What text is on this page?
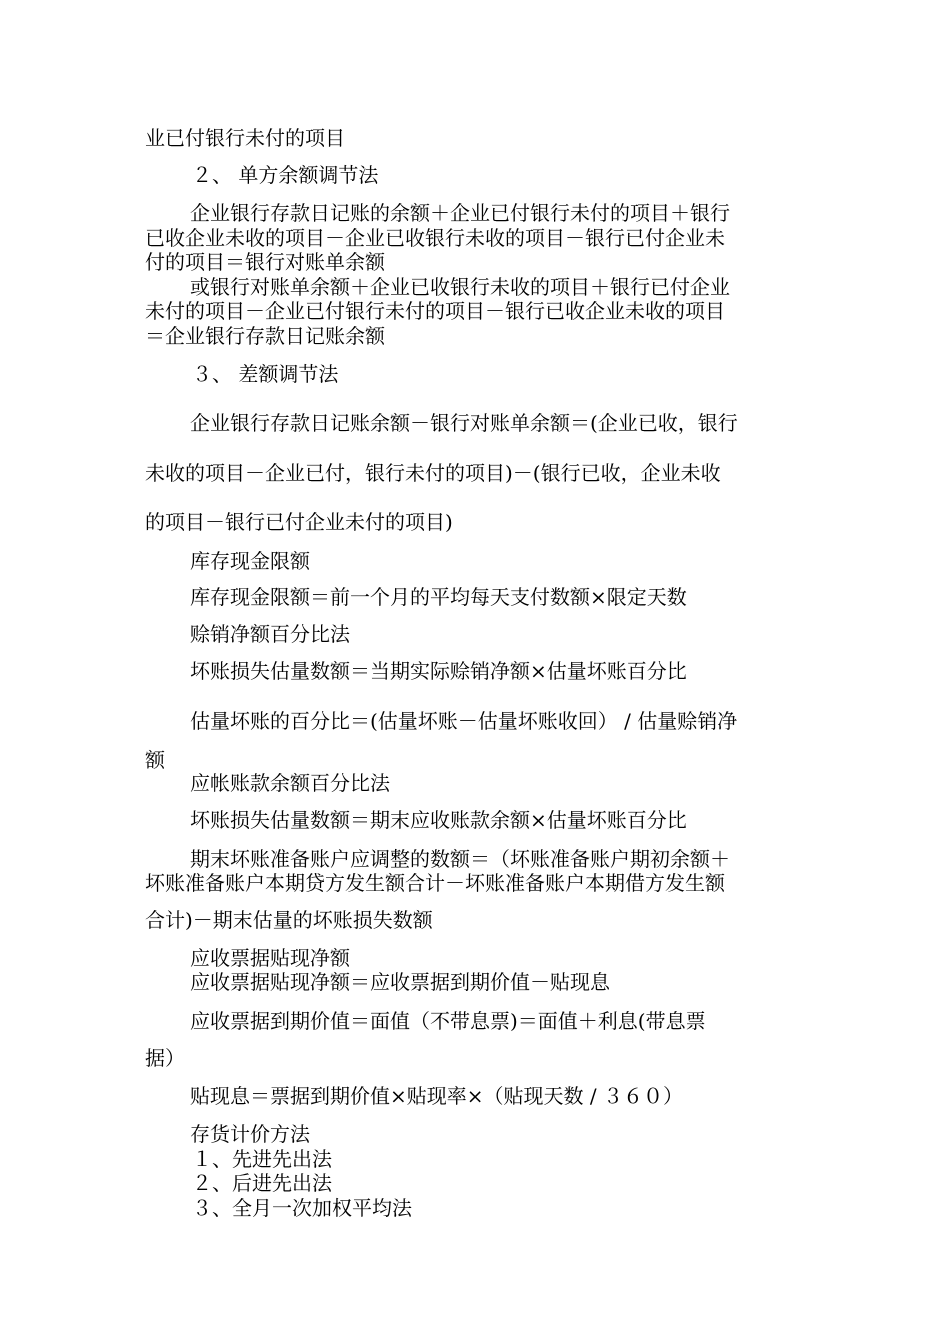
业已付银行未付的项目
２、 单方余额调节法
企业银行存款日记账的余额＋企业已付银行未付的项目＋银行
已收企业未收的项目－企业已收银行未收的项目－银行已付企业未
付的项目＝银行对账单余额
或银行对账单余额＋企业已收银行未收的项目＋银行已付企业
未付的项目－企业已付银行未付的项目－银行已收企业未收的项目
＝企业银行存款日记账余额
３、 差额调节法
企业银行存款日记账余额－银行对账单余额＝(企业已收，银行
未收的项目－企业已付，银行未付的项目)－(银行已收，企业未收
的项目－银行已付企业未付的项目)
库存现金限额
库存现金限额＝前一个月的平均每天支付数额×限定天数
赊销净额百分比法
坏账损失估量数额＝当期实际赊销净额×估量坏账百分比
估量坏账的百分比＝(估量坏账－估量坏账收回） / 估量赊销净
额
应帐账款余额百分比法
坏账损失估量数额＝期末应收账款余额×估量坏账百分比
期末坏账准备账户应调整的数额＝（坏账准备账户期初余额＋
坏账准备账户本期贷方发生额合计－坏账准备账户本期借方发生额
合计)－期末估量的坏账损失数额
应收票据贴现净额
应收票据贴现净额＝应收票据到期价值－贴现息
应收票据到期价值＝面值（不带息票)＝面值＋利息(带息票
据）
贴现息＝票据到期价值×贴现率×（贴现天数 / ３６０）
存货计价方法
１、先进先出法
２、后进先出法
３、全月一次加权平均法
